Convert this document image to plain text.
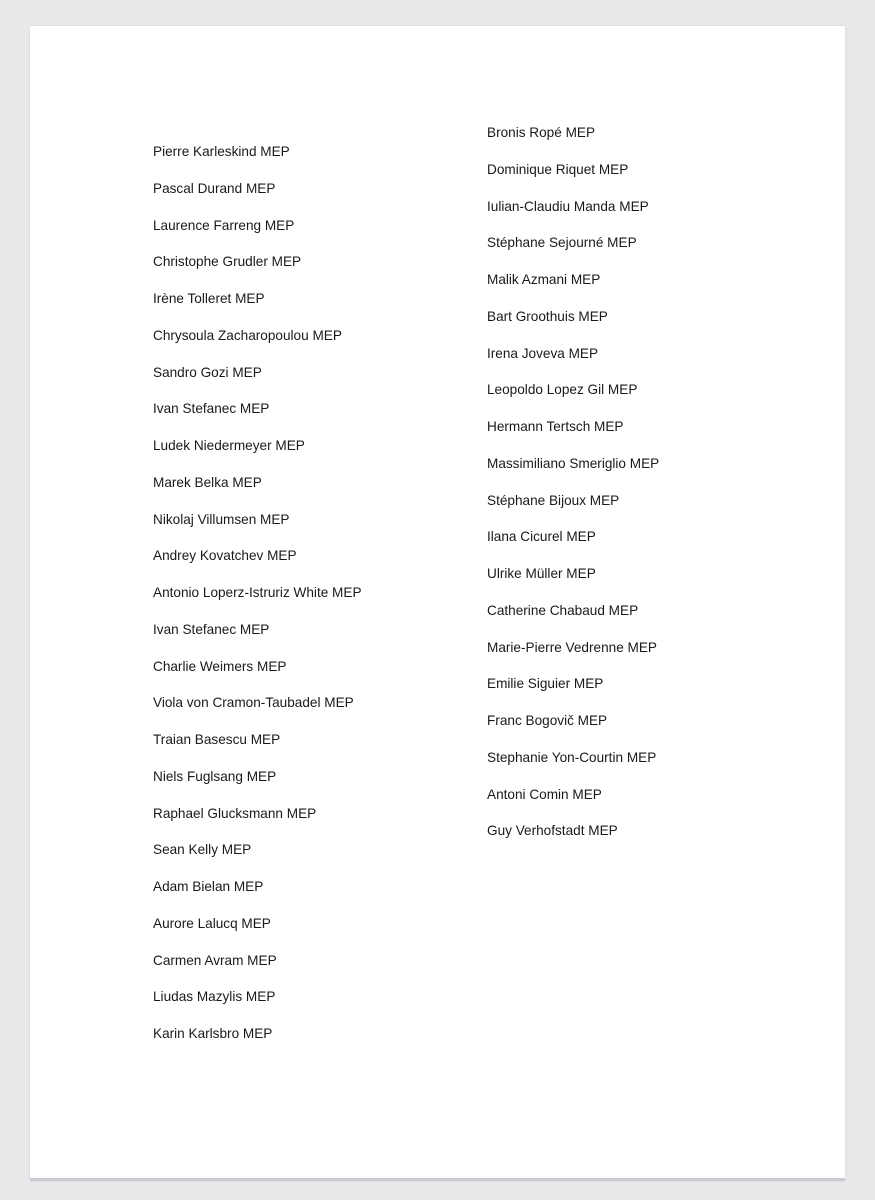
Pierre Karleskind MEP
Pascal Durand MEP
Laurence Farreng MEP
Christophe Grudler MEP
Irène Tolleret MEP
Chrysoula Zacharopoulou MEP
Sandro Gozi MEP
Ivan Stefanec MEP
Ludek Niedermeyer MEP
Marek Belka MEP
Nikolaj Villumsen MEP
Andrey Kovatchev MEP
Antonio Loperz-Istruriz White MEP
Ivan Stefanec MEP
Charlie Weimers MEP
Viola von Cramon-Taubadel MEP
Traian Basescu MEP
Niels Fuglsang MEP
Raphael Glucksmann MEP
Sean Kelly MEP
Adam Bielan MEP
Aurore Lalucq MEP
Carmen Avram MEP
Liudas Mazylis MEP
Karin Karlsbro MEP
Bronis Ropé MEP
Dominique Riquet MEP
Iulian-Claudiu Manda MEP
Stéphane Sejourné MEP
Malik Azmani MEP
Bart Groothuis MEP
Irena Joveva MEP
Leopoldo Lopez Gil MEP
Hermann Tertsch MEP
Massimiliano Smeriglio MEP
Stéphane Bijoux MEP
Ilana Cicurel MEP
Ulrike Müller MEP
Catherine Chabaud MEP
Marie-Pierre Vedrenne MEP
Emilie Siguier MEP
Franc Bogovič MEP
Stephanie Yon-Courtin MEP
Antoni Comin MEP
Guy Verhofstadt MEP
